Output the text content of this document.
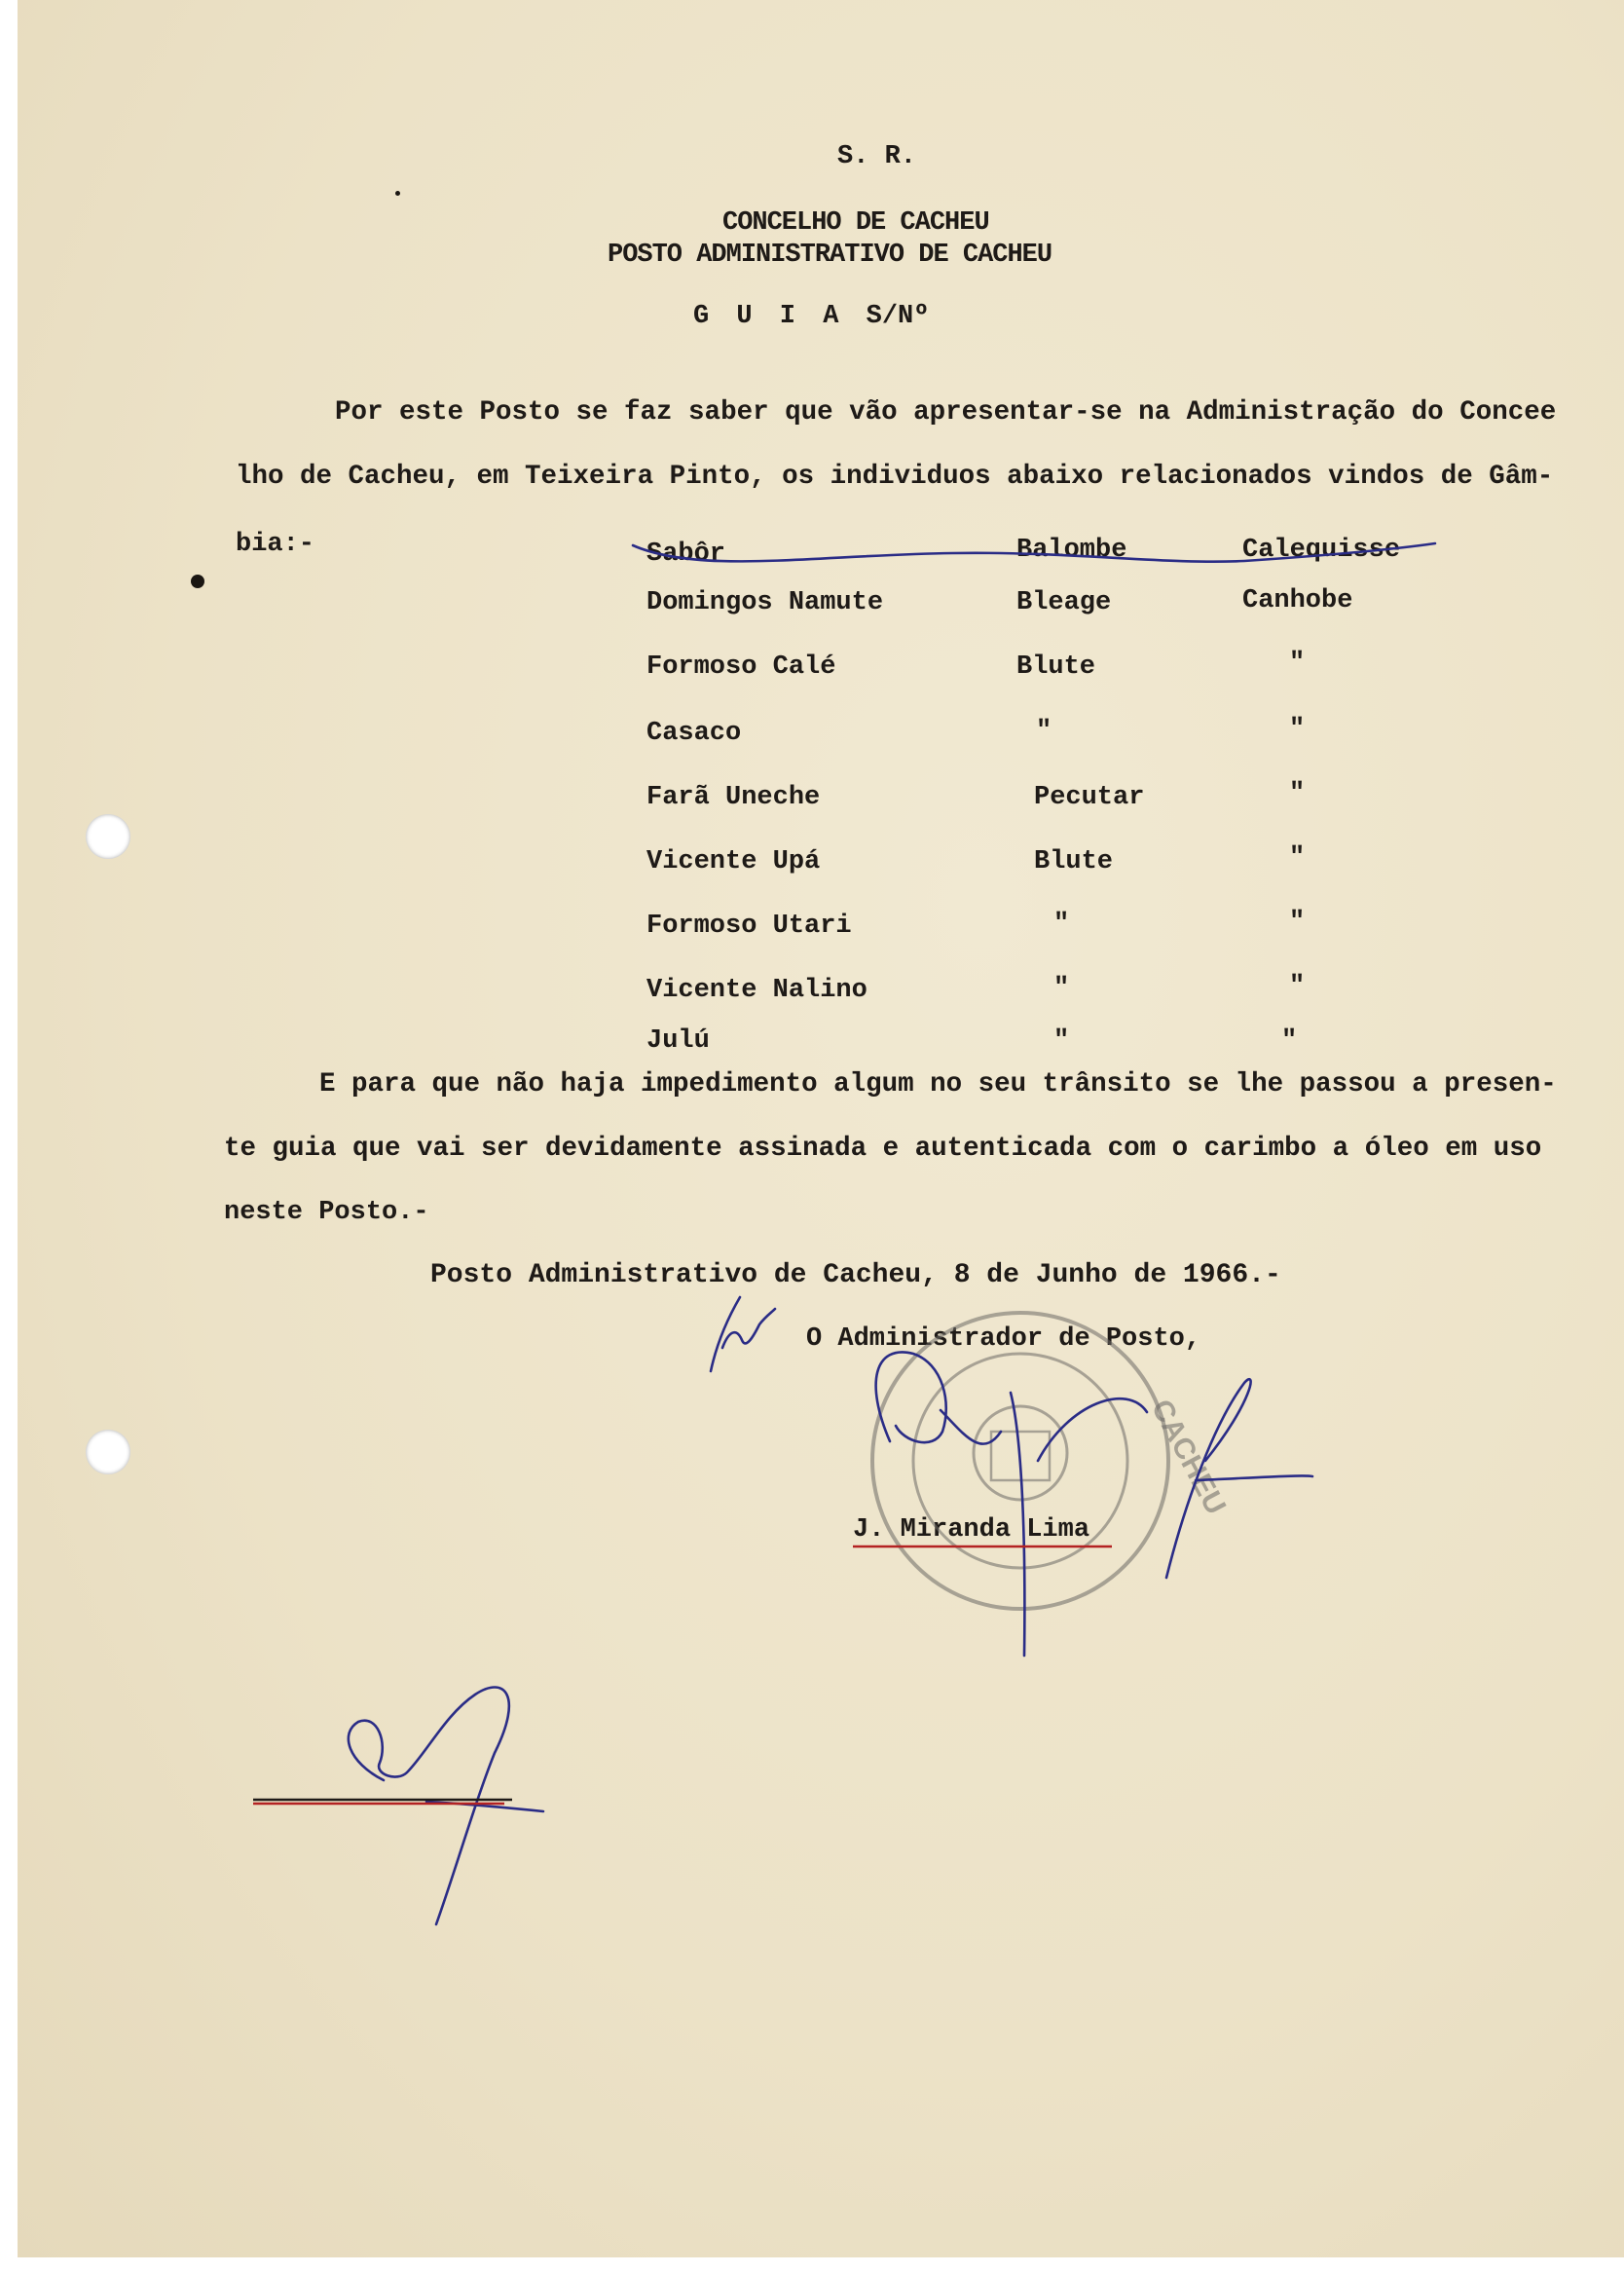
S. R.
CONCELHO DE CACHEU
POSTO ADMINISTRATIVO DE CACHEU
G U I A S/Nº
Por este Posto se faz saber que vão apresentar-se na Administração do Concee
lho de Cacheu, em Teixeira Pinto, os individuos abaixo relacionados vindos de Gâm-
bia:-	Sabôr	Balombe	Calequisse
Domingos Namute	Bleage	Canhobe
Formoso Calé	Blute	"
Casaco	"	"
Farã Uneche	Pecutar	"
Vicente Upá	Blute	"
Formoso Utari	"	"
Vicente Nalino	"	"
Julú	"	"
E para que não haja impedimento algum no seu trânsito se lhe passou a presen-
te guia que vai ser devidamente assinada e autenticada com o carimbo a óleo em uso
neste Posto.-
Posto Administrativo de Cacheu, 8 de Junho de 1966.-
O Administrador de Posto,
J. Miranda Lima
CACHEU
